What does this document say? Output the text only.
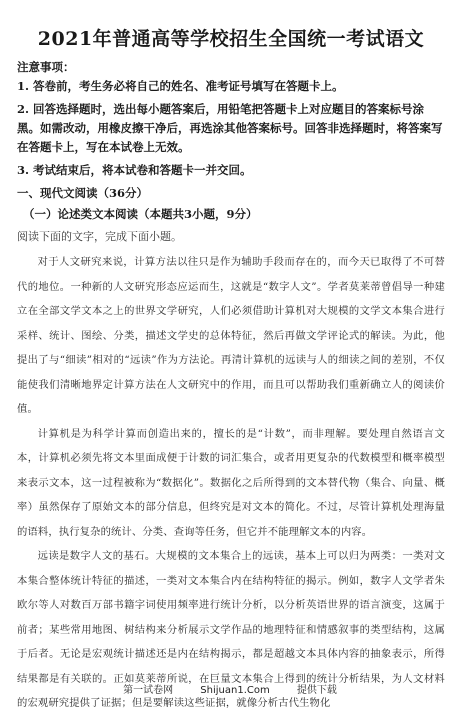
2021年普通高等学校招生全国统一考试语文
注意事项：
1. 答卷前，考生务必将自己的姓名、准考证号填写在答题卡上。
2. 回答选择题时，选出每小题答案后，用铅笔把答题卡上对应题目的答案标号涂黑。如需改动，用橡皮擦干净后，再选涂其他答案标号。回答非选择题时，将答案写在答题卡上，写在本试卷上无效。
3. 考试结束后，将本试卷和答题卡一并交回。
一、现代文阅读（36分）
（一）论述类文本阅读（本题共3小题，9分）
阅读下面的文字，完成下面小题。

对于人文研究来说，计算方法以往只是作为辅助手段而存在的，而今天已取得了不可替代的地位。一种新的人文研究形态应运而生，这就是“数字人文”。学者莫莱蒂曾倡导一种建立在全部文学文本之上的世界文学研究，人们必须借助计算机对大规模的文学文本集合进行采样、统计、图绘、分类，描述文学史的总体特征，然后再做文学评论式的解读。为此，他提出了与“细读”相对的“远读”作为方法论。再清计算机的远读与人的细读之间的差别，不仅能使我们清晰地界定计算方法在人文研究中的作用，而且可以帮助我们重新确立人的阅读价值。

计算机是为科学计算而创造出来的，擅长的是“计数”，而非理解。要处理自然语言文本，计算机必须先将文本里面成便于计数的词汇集合，或者用更复杂的代数模型和概率模型来表示文本，这一过程被称为“数据化”。数据化之后所得到的文本替代物（集合、向量、概率）虽然保存了原始文本的部分信息，但终究是对文本的简化。不过，尽管计算机处理海量的语料，执行复杂的统计、分类、查询等任务，但它并不能理解文本的内容。

远读是数字人文的基石。大规模的文本集合上的远读，基本上可以归为两类：一类对文本集合整体统计特征的描述，一类对文本集合内在结构特征的揭示。例如，数字人文学者朱欧尔等人对数百万部书籍字词使用频率进行统计分析，以分析英语世界的语言演变，这属于前者；某些常用地图、树结构来分析展示文学作品的地理特征和情感叙事的类型结构，这属于后者。无论是宏观统计描述还是内在结构揭示，都是超越文本具体内容的抽象表示，所得结果都是有关联的。正如莫莱蒂所说，在巨量文本集合上得到的统计分析结果，为人文材料的宏观研究提供了证据；但是要解读这些证据，就像分析古代生物化

第一试卷网	Shijuan1.Com	提供下载
